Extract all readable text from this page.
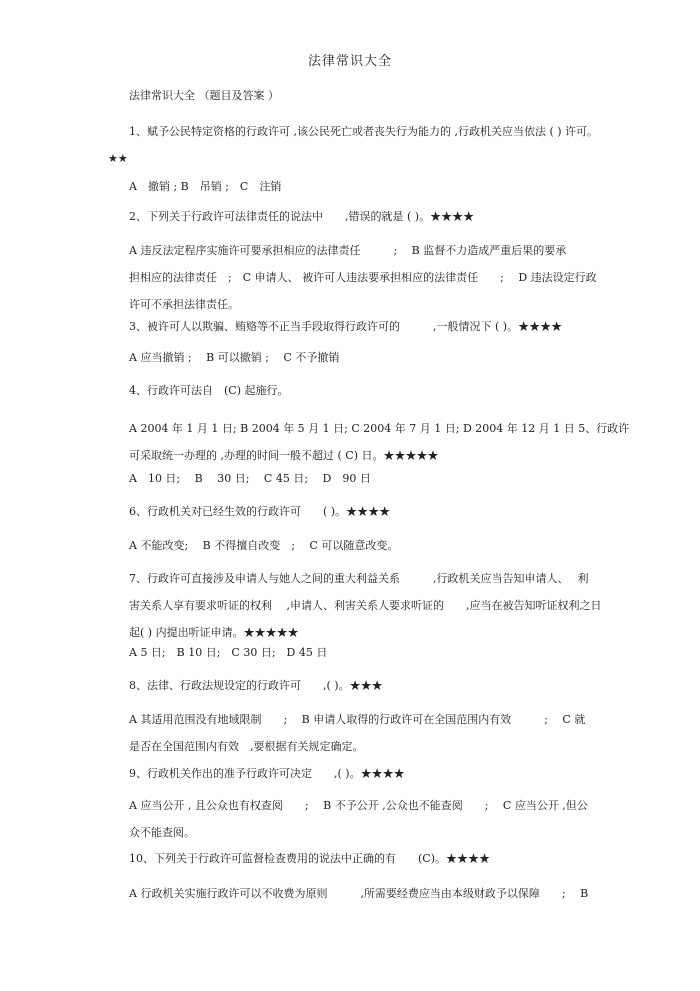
法律常识大全
法律常识大全 （题目及答案 ）
1、赋予公民特定资格的行政许可 ,该公民死亡或者丧失行为能力的 ,行政机关应当依法 ( ) 许可。
★★
A　撤销 ; B　吊销 ;　C　注销
2、下列关于行政许可法律责任的说法中　　,错误的就是 ( )。★★★★
A 违反法定程序实施许可要承担相应的法律责任　　　;　 B 监督不力造成严重后果的要承
担相应的法律责任　;　C 申请人、 被许可人违法要承担相应的法律责任　　;　 D 违法设定行政
许可不承担法律责任。
3、被许可人以欺骗、贿赂等不正当手段取得行政许可的　　　,一般情况下 ( )。★★★★
A 应当撤销 ;　 B 可以撤销 ;　 C 不予撤销
4、行政许可法自　(C) 起施行。
A 2004 年 1 月 1 日; B 2004 年 5 月 1 日; C 2004 年 7 月 1 日; D 2004 年 12 月 1 日 5、行政许
可采取统一办理的 ,办理的时间一般不超过 ( C) 日。★★★★★
A　10 日;　 B　 30 日;　 C 45 日;　 D　90 日
6、行政机关对已经生效的行政许可　　( )。★★★★
A 不能改变;　 B 不得擅自改变　;　 C 可以随意改变。
7、行政许可直接涉及申请人与她人之间的重大利益关系　　　,行政机关应当告知申请人、　 利
害关系人享有要求听证的权利　 ,申请人、利害关系人要求听证的　　,应当在被告知听证权利之日
起( ) 内提出听证申请。★★★★★
A 5 日;　B 10 日;　C 30 日;　D 45 日
8、法律、行政法规设定的行政许可　　,( )。★★★
A 其适用范围没有地域限制　　;　 B 申请人取得的行政许可在全国范围内有效　　　;　 C 就
是否在全国范围内有效　,要根据有关规定确定。
9、行政机关作出的准予行政许可决定　　,( )。★★★★
A 应当公开 , 且公众也有权查阅　　;　 B 不予公开 ,公众也不能查阅　　;　 C 应当公开 ,但公
众不能查阅。
10、下列关于行政许可监督检查费用的说法中正确的有　　(C)。★★★★
A 行政机关实施行政许可以不收费为原则　　　,所需要经费应当由本级财政予以保障　　;　 B
